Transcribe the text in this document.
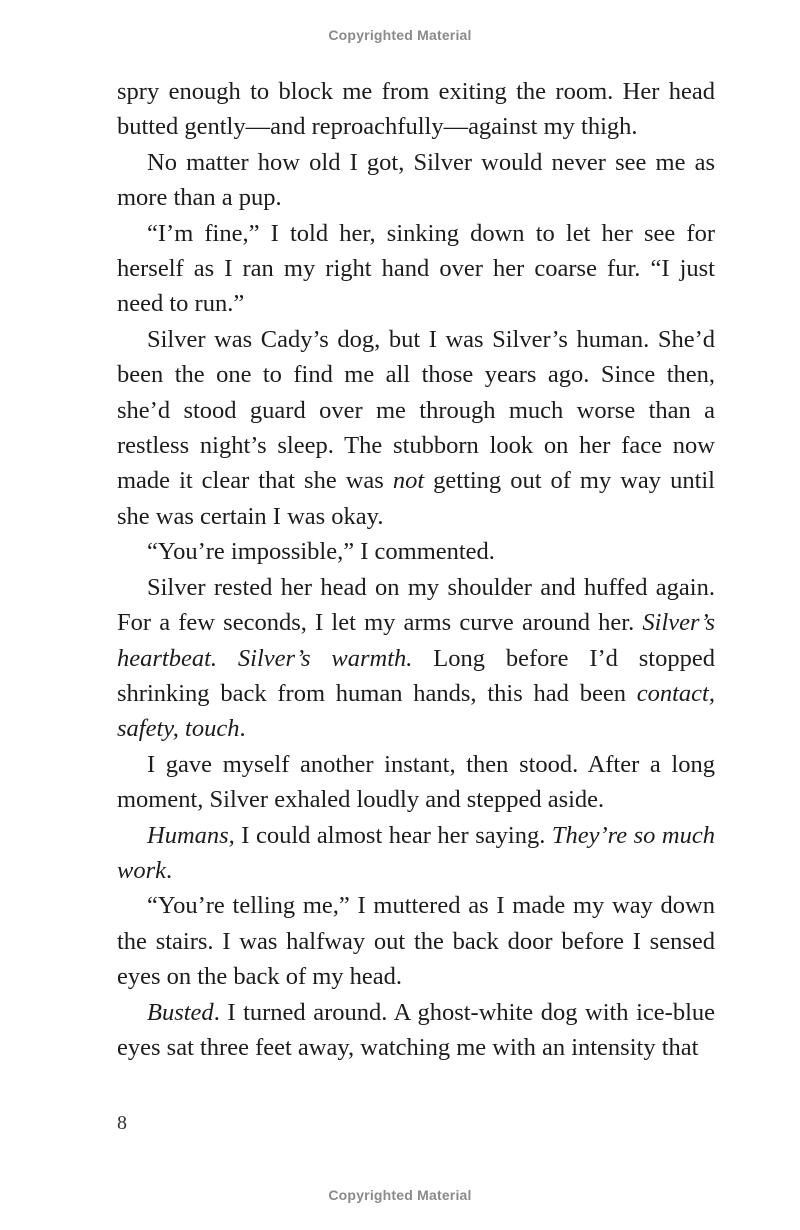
Copyrighted Material

spry enough to block me from exiting the room. Her head butted gently—and reproachfully—against my thigh.

No matter how old I got, Silver would never see me as more than a pup.

“I’m fine,” I told her, sinking down to let her see for herself as I ran my right hand over her coarse fur. “I just need to run.”

Silver was Cady’s dog, but I was Silver’s human. She’d been the one to find me all those years ago. Since then, she’d stood guard over me through much worse than a restless night’s sleep. The stubborn look on her face now made it clear that she was not getting out of my way until she was certain I was okay.

“You’re impossible,” I commented.

Silver rested her head on my shoulder and huffed again. For a few seconds, I let my arms curve around her. Silver’s heartbeat. Silver’s warmth. Long before I’d stopped shrinking back from human hands, this had been contact, safety, touch.

I gave myself another instant, then stood. After a long moment, Silver exhaled loudly and stepped aside.

Humans, I could almost hear her saying. They’re so much work.

“You’re telling me,” I muttered as I made my way down the stairs. I was halfway out the back door before I sensed eyes on the back of my head.

Busted. I turned around. A ghost-white dog with ice-blue eyes sat three feet away, watching me with an intensity that

8
Copyrighted Material
